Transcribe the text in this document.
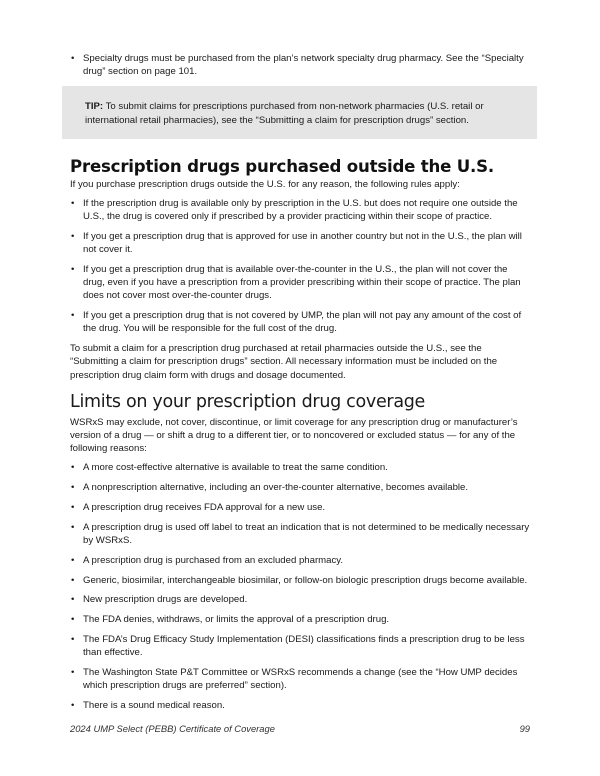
• Specialty drugs must be purchased from the plan’s network specialty drug pharmacy. See the “Specialty drug” section on page 101.
TIP: To submit claims for prescriptions purchased from non-network pharmacies (U.S. retail or international retail pharmacies), see the “Submitting a claim for prescription drugs” section.
Prescription drugs purchased outside the U.S.

If you purchase prescription drugs outside the U.S. for any reason, the following rules apply:

• If the prescription drug is available only by prescription in the U.S. but does not require one outside the U.S., the drug is covered only if prescribed by a provider practicing within their scope of practice.
• If you get a prescription drug that is approved for use in another country but not in the U.S., the plan will not cover it.
• If you get a prescription drug that is available over-the-counter in the U.S., the plan will not cover the drug, even if you have a prescription from a provider prescribing within their scope of practice. The plan does not cover most over-the-counter drugs.
• If you get a prescription drug that is not covered by UMP, the plan will not pay any amount of the cost of the drug. You will be responsible for the full cost of the drug.

To submit a claim for a prescription drug purchased at retail pharmacies outside the U.S., see the “Submitting a claim for prescription drugs” section. All necessary information must be included on the prescription drug claim form with drugs and dosage documented.

Limits on your prescription drug coverage

WSRxS may exclude, not cover, discontinue, or limit coverage for any prescription drug or manufacturer’s version of a drug — or shift a drug to a different tier, or to noncovered or excluded status — for any of the following reasons:

• A more cost-effective alternative is available to treat the same condition.
• A nonprescription alternative, including an over-the-counter alternative, becomes available.
• A prescription drug receives FDA approval for a new use.
• A prescription drug is used off label to treat an indication that is not determined to be medically necessary by WSRxS.
• A prescription drug is purchased from an excluded pharmacy.
• Generic, biosimilar, interchangeable biosimilar, or follow-on biologic prescription drugs become available.
• New prescription drugs are developed.
• The FDA denies, withdraws, or limits the approval of a prescription drug.
• The FDA’s Drug Efficacy Study Implementation (DESI) classifications finds a prescription drug to be less than effective.
• The Washington State P&T Committee or WSRxS recommends a change (see the “How UMP decides which prescription drugs are preferred” section).
• There is a sound medical reason.
2024 UMP Select (PEBB) Certificate of Coverage	99
